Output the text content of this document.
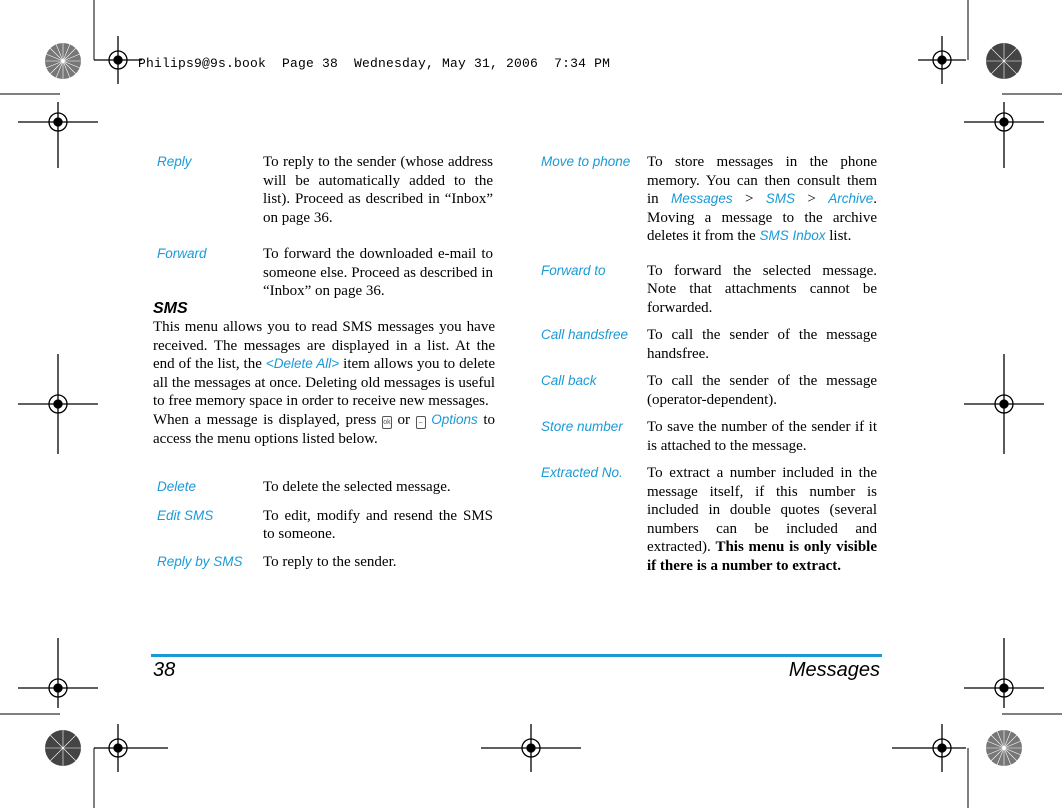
Philips9@9s.book  Page 38  Wednesday, May 31, 2006  7:34 PM
Reply	To reply to the sender (whose address will be automatically added to the list). Proceed as described in “Inbox” on page 36.
Forward	To forward the downloaded e-mail to someone else. Proceed as described in “Inbox” on page 36.
SMS
This menu allows you to read SMS messages you have received. The messages are displayed in a list. At the end of the list, the <Delete All> item allows you to delete all the messages at once. Deleting old messages is useful to free memory space in order to receive new messages.
When a message is displayed, press ok or – Options to access the menu options listed below.
Delete	To delete the selected message.
Edit SMS	To edit, modify and resend the SMS to someone.
Reply by SMS	To reply to the sender.
Move to phone	To store messages in the phone memory. You can then consult them in Messages > SMS > Archive. Moving a message to the archive deletes it from the SMS Inbox list.
Forward to	To forward the selected message. Note that attachments cannot be forwarded.
Call handsfree	To call the sender of the message handsfree.
Call back	To call the sender of the message (operator-dependent).
Store number	To save the number of the sender if it is attached to the message.
Extracted No.	To extract a number included in the message itself, if this number is included in double quotes (several numbers can be included and extracted). This menu is only visible if there is a number to extract.
38	Messages
